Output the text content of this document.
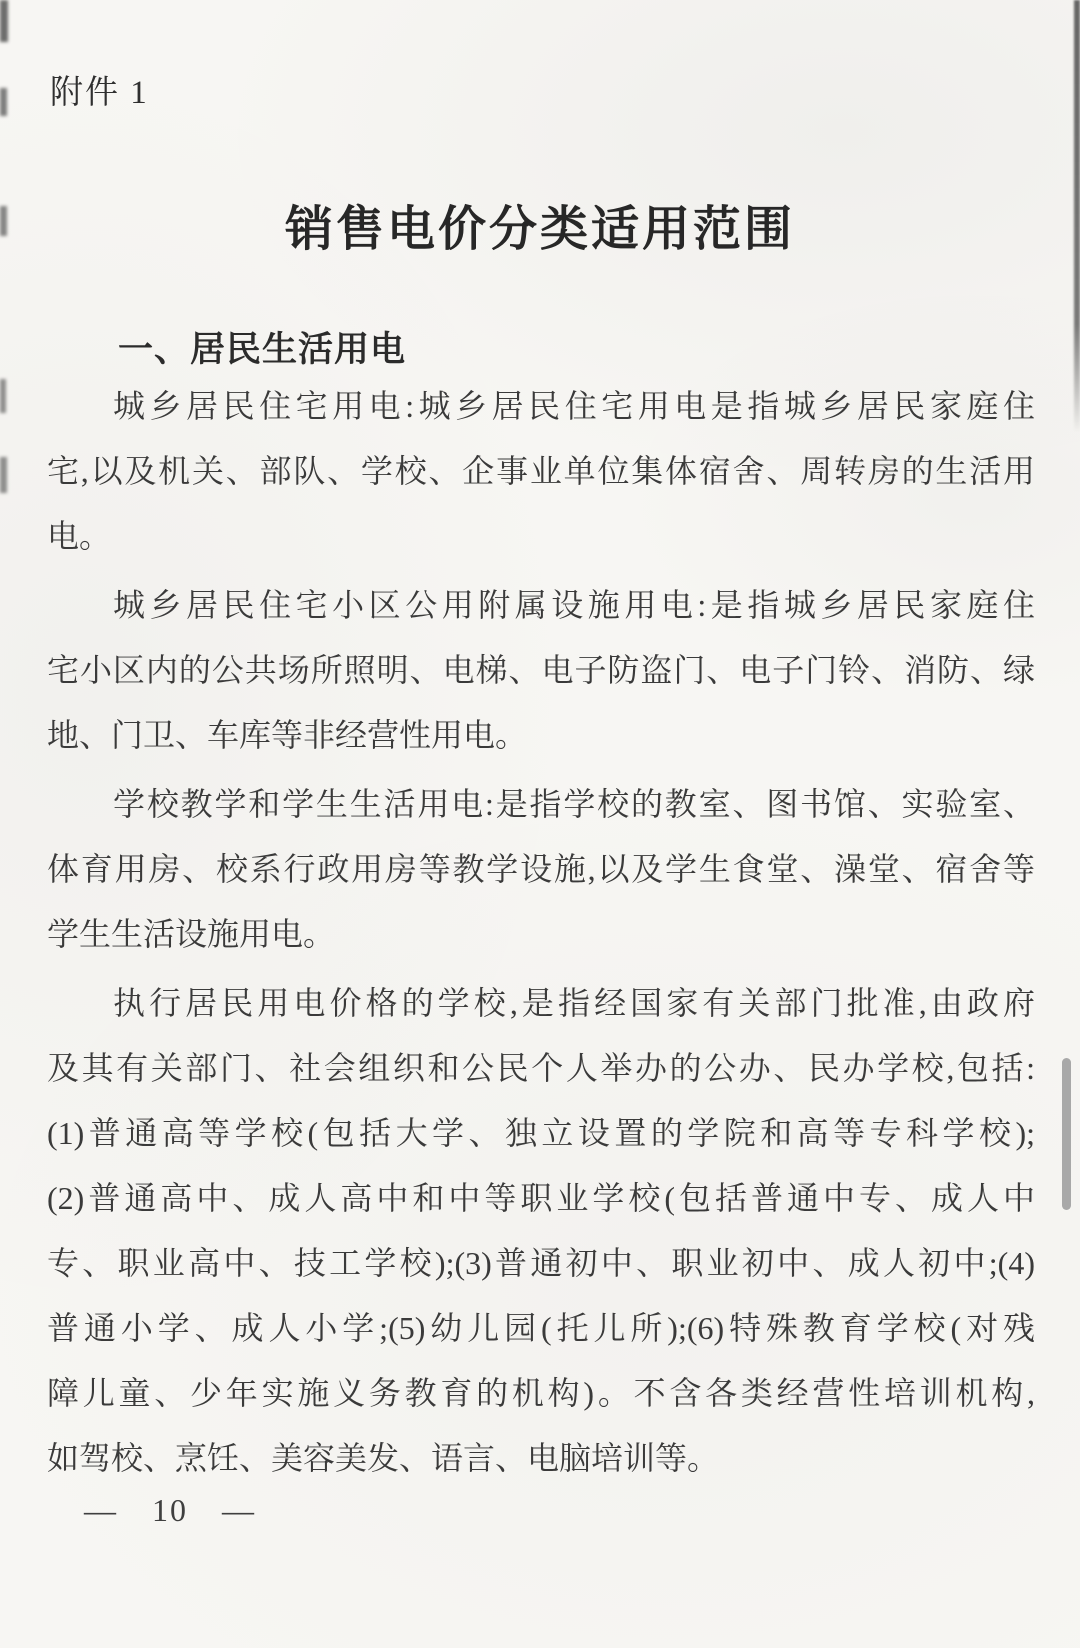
附件 1
销售电价分类适用范围
一、居民生活用电
城乡居民住宅用电:城乡居民住宅用电是指城乡居民家庭住
宅,以及机关、部队、学校、企事业单位集体宿舍、周转房的生活用
电。
城乡居民住宅小区公用附属设施用电:是指城乡居民家庭住
宅小区内的公共场所照明、电梯、电子防盗门、电子门铃、消防、绿
地、门卫、车库等非经营性用电。
学校教学和学生生活用电:是指学校的教室、图书馆、实验室、
体育用房、校系行政用房等教学设施,以及学生食堂、澡堂、宿舍等
学生生活设施用电。
执行居民用电价格的学校,是指经国家有关部门批准,由政府
及其有关部门、社会组织和公民个人举办的公办、民办学校,包括:
(1)普通高等学校(包括大学、独立设置的学院和高等专科学校);
(2)普通高中、成人高中和中等职业学校(包括普通中专、成人中
专、职业高中、技工学校);(3)普通初中、职业初中、成人初中;(4)
普通小学、成人小学;(5)幼儿园(托儿所);(6)特殊教育学校(对残
障儿童、少年实施义务教育的机构)。不含各类经营性培训机构,
如驾校、烹饪、美容美发、语言、电脑培训等。
— 10 —
